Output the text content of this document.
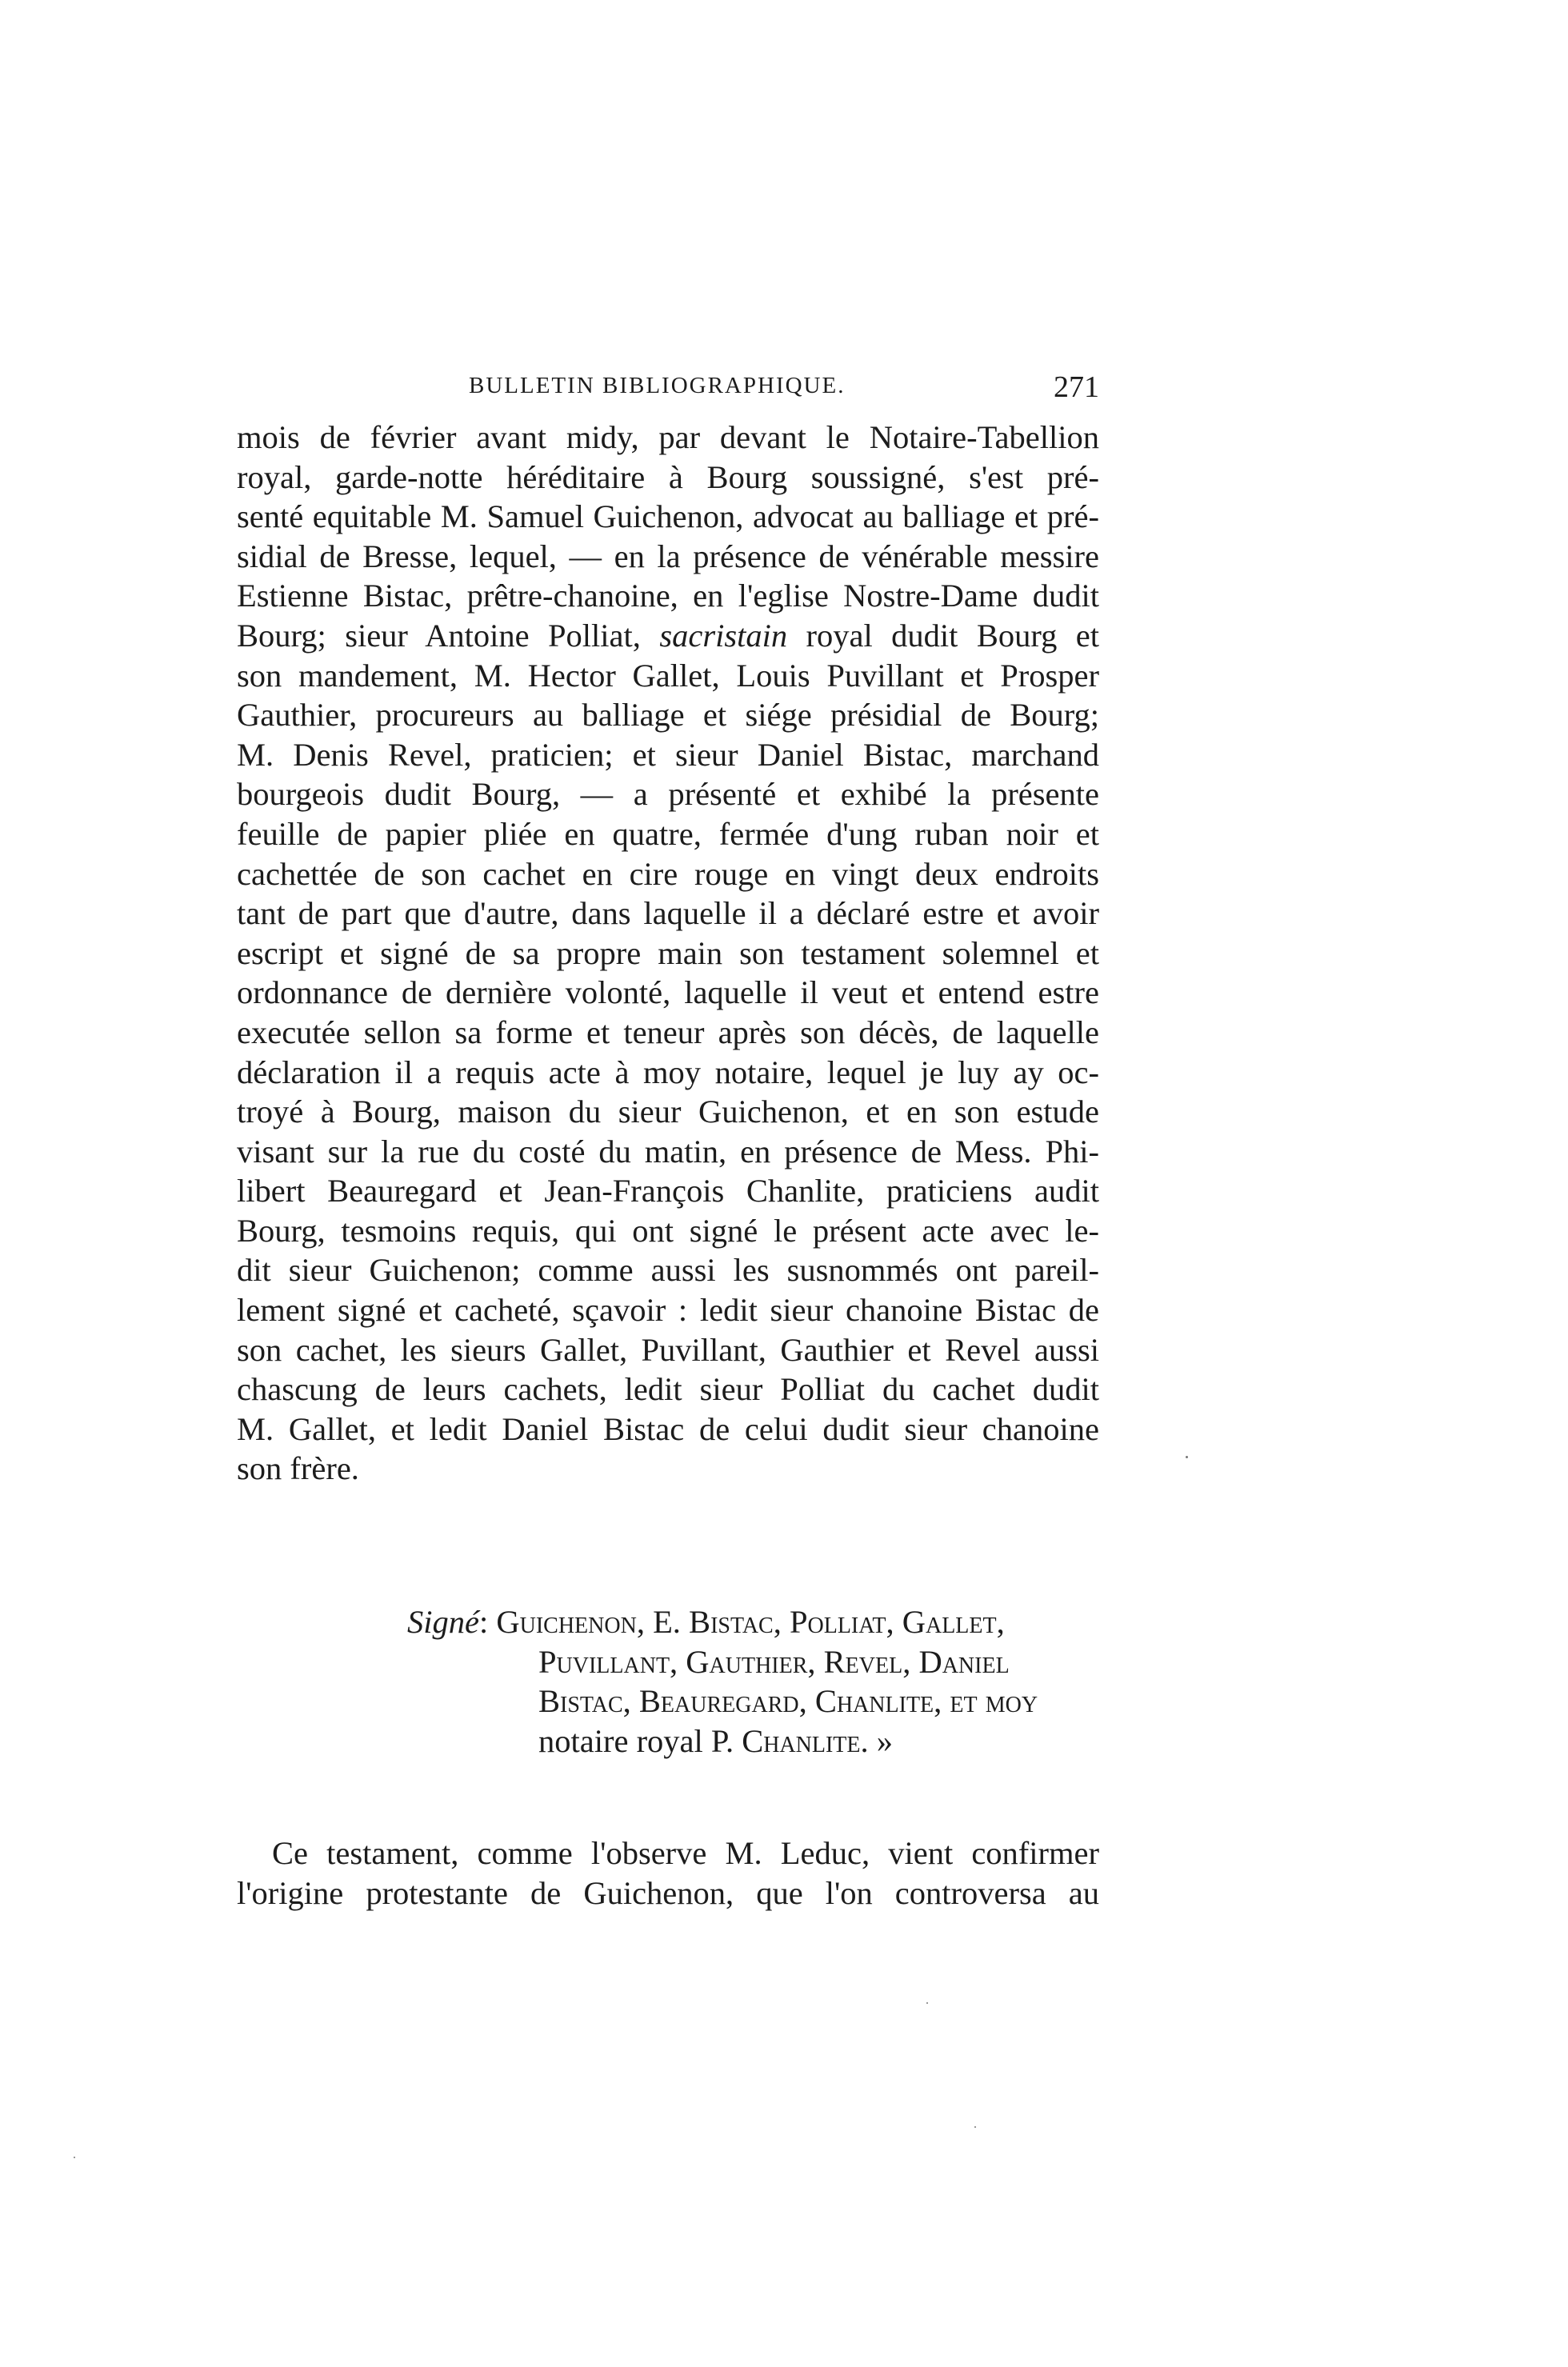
BULLETIN BIBLIOGRAPHIQUE.	271
mois de février avant midy, par devant le Notaire-Tabellion
royal, garde-notte héréditaire à Bourg soussigné, s'est pré-
senté equitable M. Samuel Guichenon, advocat au balliage et pré-
sidial de Bresse, lequel, — en la présence de vénérable messire
Estienne Bistac, prêtre-chanoine, en l'eglise Nostre-Dame dudit
Bourg; sieur Antoine Polliat, sacristain royal dudit Bourg et
son mandement, M. Hector Gallet, Louis Puvillant et Prosper
Gauthier, procureurs au balliage et siége présidial de Bourg;
M. Denis Revel, praticien; et sieur Daniel Bistac, marchand
bourgeois dudit Bourg, — a présenté et exhibé la présente
feuille de papier pliée en quatre, fermée d'ung ruban noir et
cachettée de son cachet en cire rouge en vingt deux endroits
tant de part que d'autre, dans laquelle il a déclaré estre et avoir
escript et signé de sa propre main son testament solemnel et
ordonnance de dernière volonté, laquelle il veut et entend estre
executée sellon sa forme et teneur après son décès, de laquelle
déclaration il a requis acte à moy notaire, lequel je luy ay oc-
troyé à Bourg, maison du sieur Guichenon, et en son estude
visant sur la rue du costé du matin, en présence de Mess. Phi-
libert Beauregard et Jean-François Chanlite, praticiens audit
Bourg, tesmoins requis, qui ont signé le présent acte avec le-
dit sieur Guichenon; comme aussi les susnommés ont pareil-
lement signé et cacheté, sçavoir : ledit sieur chanoine Bistac de
son cachet, les sieurs Gallet, Puvillant, Gauthier et Revel aussi
chascung de leurs cachets, ledit sieur Polliat du cachet dudit
M. Gallet, et ledit Daniel Bistac de celui dudit sieur chanoine
son frère.
Signé: Guichenon, E. Bistac, Polliat, Gallet,
Puvillant, Gauthier, Revel, Daniel
Bistac, Beauregard, Chanlite, et moy
notaire royal P. Chanlite. »
Ce testament, comme l'observe M. Leduc, vient confirmer
l'origine protestante de Guichenon, que l'on controversa au
